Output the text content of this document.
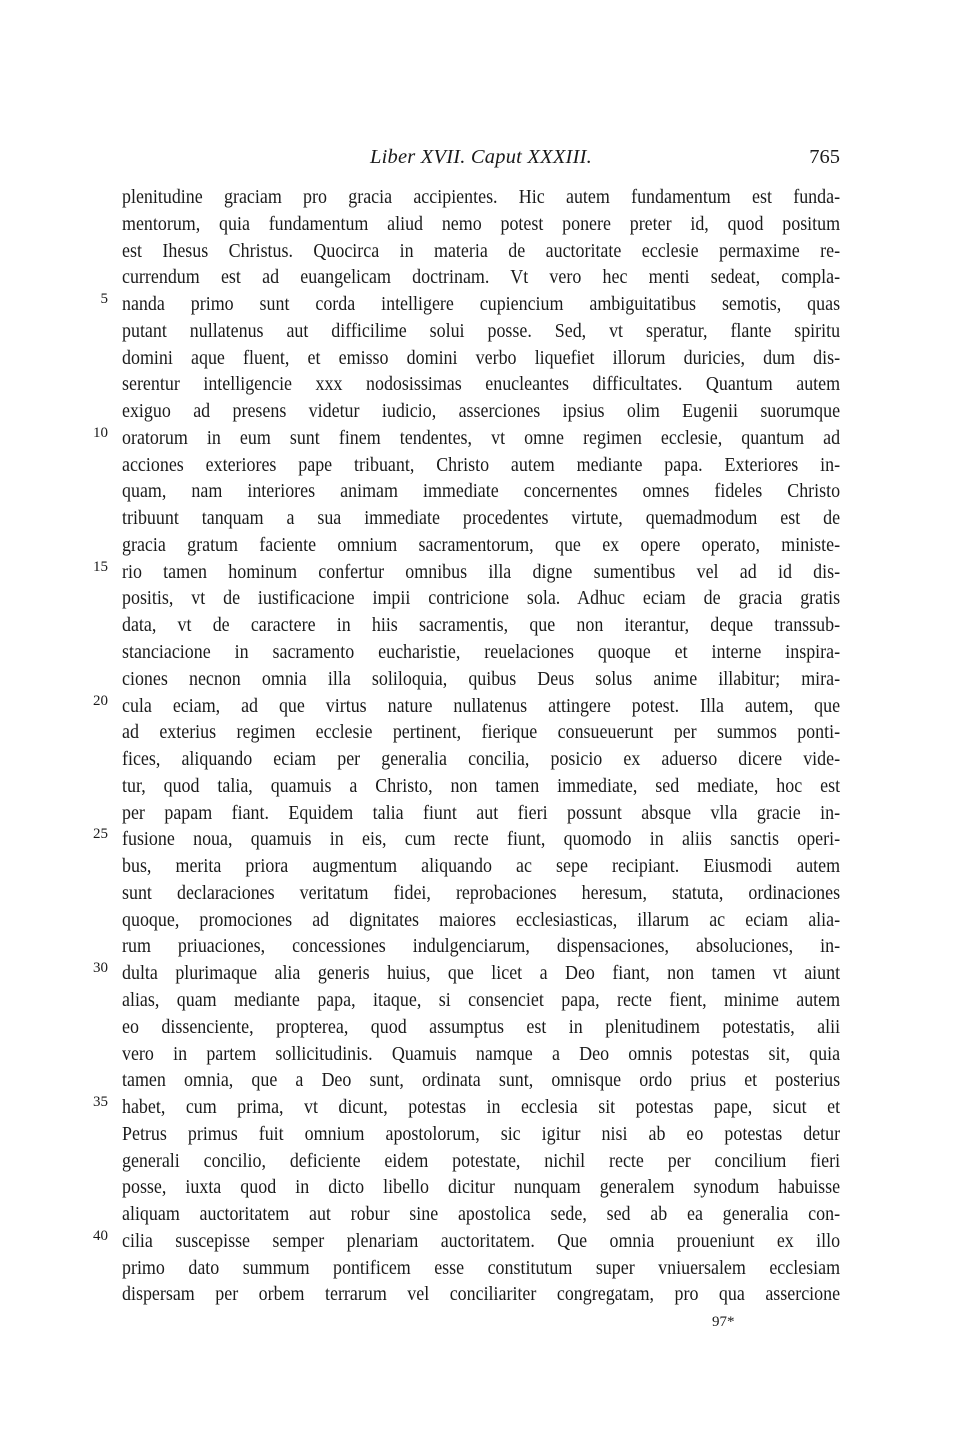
Liber XVII. Caput XXXIII.	765
plenitudine graciam pro gracia accipientes. Hic autem fundamentum est funda-
mentorum, quia fundamentum aliud nemo potest ponere preter id, quod positum
est Ihesus Christus. Quocirca in materia de auctoritate ecclesie permaxime re-
currendum est ad euangelicam doctrinam. Vt vero hec menti sedeat, compla-
5 nanda primo sunt corda intelligere cupiencium ambiguitatibus semotis, quas
putant nullatenus aut difficilime solui posse. Sed, vt speratur, flante spiritu
domini aque fluent, et emisso domini verbo liquefiet illorum duricies, dum dis-
serentur intelligencie xxx nodosissimas enucleantes difficultates. Quantum autem
exiguo ad presens videtur iudicio, asserciones ipsius olim Eugenii suorumque
10 oratorum in eum sunt finem tendentes, vt omne regimen ecclesie, quantum ad
acciones exteriores pape tribuant, Christo autem mediante papa. Exteriores in-
quam, nam interiores animam immediate concernentes omnes fideles Christo
tribuunt tanquam a sua immediate procedentes virtute, quemadmodum est de
gracia gratum faciente omnium sacramentorum, que ex opere operato, ministe-
15 rio tamen hominum confertur omnibus illa digne sumentibus vel ad id dis-
positis, vt de iustificacione impii contricione sola. Adhuc eciam de gracia gratis
data, vt de caractere in hiis sacramentis, que non iterantur, deque transsub-
stanciacione in sacramento eucharistie, reuelaciones quoque et interne inspira-
ciones necnon omnia illa soliloquia, quibus Deus solus anime illabitur; mira-
20 cula eciam, ad que virtus nature nullatenus attingere potest. Illa autem, que
ad exterius regimen ecclesie pertinent, fierique consueuerunt per summos ponti-
fices, aliquando eciam per generalia concilia, posicio ex aduerso dicere vide-
tur, quod talia, quamuis a Christo, non tamen immediate, sed mediate, hoc est
per papam fiant. Equidem talia fiunt aut fieri possunt absque vlla gracie in-
25 fusione noua, quamuis in eis, cum recte fiunt, quomodo in aliis sanctis operi-
bus, merita priora augmentum aliquando ac sepe recipiant. Eiusmodi autem
sunt declaraciones veritatum fidei, reprobaciones heresum, statuta, ordinaciones
quoque, promociones ad dignitates maiores ecclesiasticas, illarum ac eciam alia-
rum priuaciones, concessiones indulgenciarum, dispensaciones, absoluciones, in-
30 dulta plurimaque alia generis huius, que licet a Deo fiant, non tamen vt aiunt
alias, quam mediante papa, itaque, si consenciet papa, recte fient, minime autem
eo dissenciente, propterea, quod assumptus est in plenitudinem potestatis, alii
vero in partem sollicitudinis. Quamuis namque a Deo omnis potestas sit, quia
tamen omnia, que a Deo sunt, ordinata sunt, omnisque ordo prius et posterius
35 habet, cum prima, vt dicunt, potestas in ecclesia sit potestas pape, sicut et
Petrus primus fuit omnium apostolorum, sic igitur nisi ab eo potestas detur
generali concilio, deficiente eidem potestate, nichil recte per concilium fieri
posse, iuxta quod in dicto libello dicitur nunquam generalem synodum habuisse
aliquam auctoritatem aut robur sine apostolica sede, sed ab ea generalia con-
40 cilia suscepisse semper plenariam auctoritatem. Que omnia proueniunt ex illo
primo dato summum pontificem esse constitutum super vniuersalem ecclesiam
dispersam per orbem terrarum vel conciliariter congregatam, pro qua assercione
97*
